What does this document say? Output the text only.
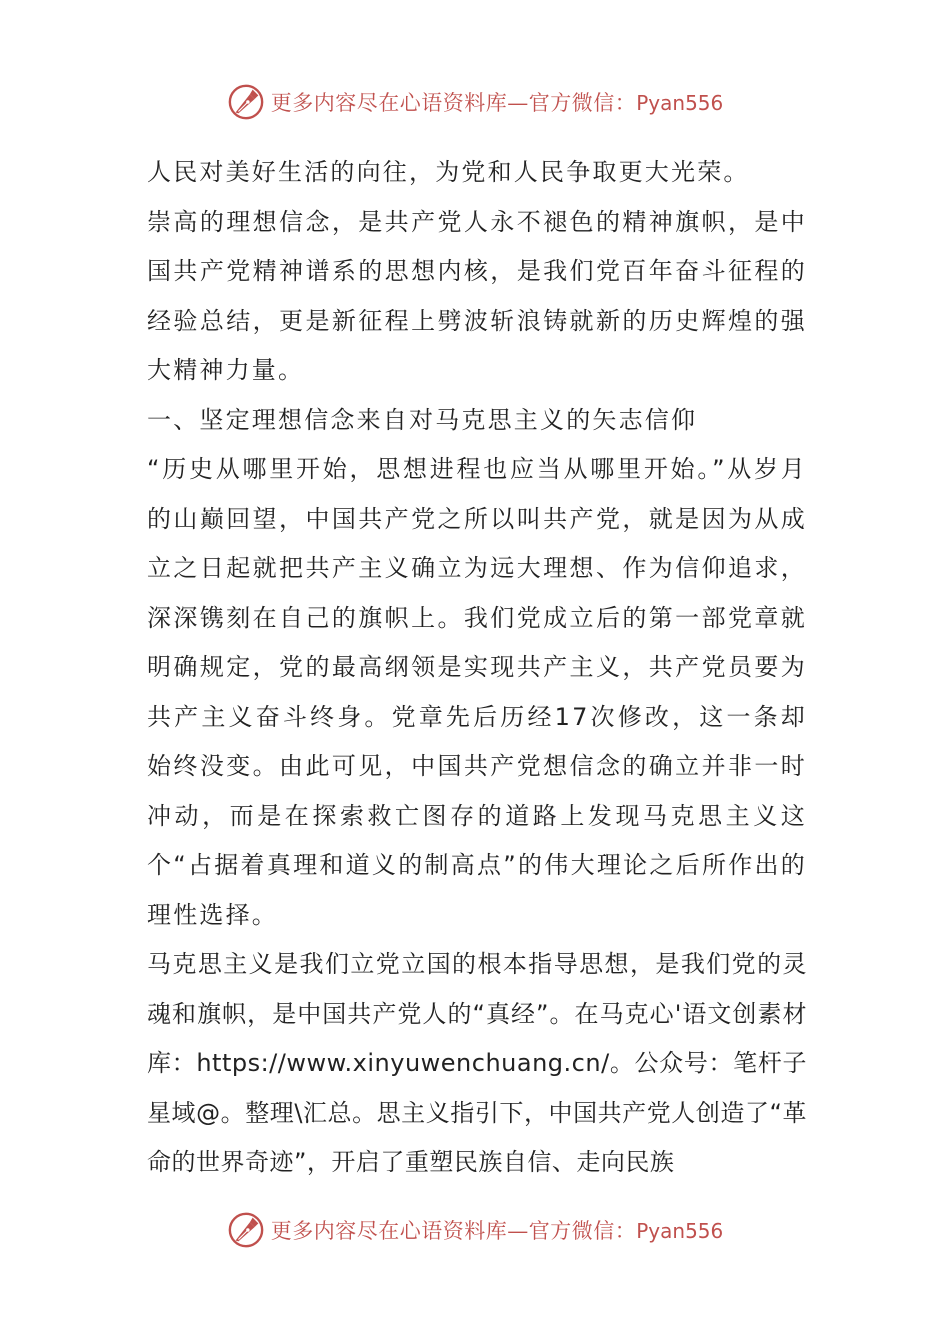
更多内容尽在心语资料库—官方微信：Pyan556

人民对美好生活的向往，为党和人民争取更大光荣。

崇高的理想信念，是共产党人永不褪色的精神旗帜，是中国共产党精神谱系的思想内核，是我们党百年奋斗征程的经验总结，更是新征程上劈波斩浪铸就新的历史辉煌的强大精神力量。

一、坚定理想信念来自对马克思主义的矢志信仰

“历史从哪里开始，思想进程也应当从哪里开始。”从岁月的山巅回望，中国共产党之所以叫共产党，就是因为从成立之日起就把共产主义确立为远大理想、作为信仰追求，深深镌刻在自己的旗帜上。我们党成立后的第一部党章就明确规定，党的最高纲领是实现共产主义，共产党员要为共产主义奋斗终身。党章先后历经17次修改，这一条却始终没变。由此可见，中国共产党想信念的确立并非一时冲动，而是在探索救亡图存的道路上发现马克思主义这个“占据着真理和道义的制高点”的伟大理论之后所作出的理性选择。

马克思主义是我们立党立国的根本指导思想，是我们党的灵魂和旗帜，是中国共产党人的“真经”。在马克心'语文创素材库：https://www.xinyuwenchuang.cn/。公众号：笔杆子星域@。整理\汇总。思主义指引下，中国共产党人创造了“革命的世界奇迹”，开启了重塑民族自信、走向民族

更多内容尽在心语资料库—官方微信：Pyan556
